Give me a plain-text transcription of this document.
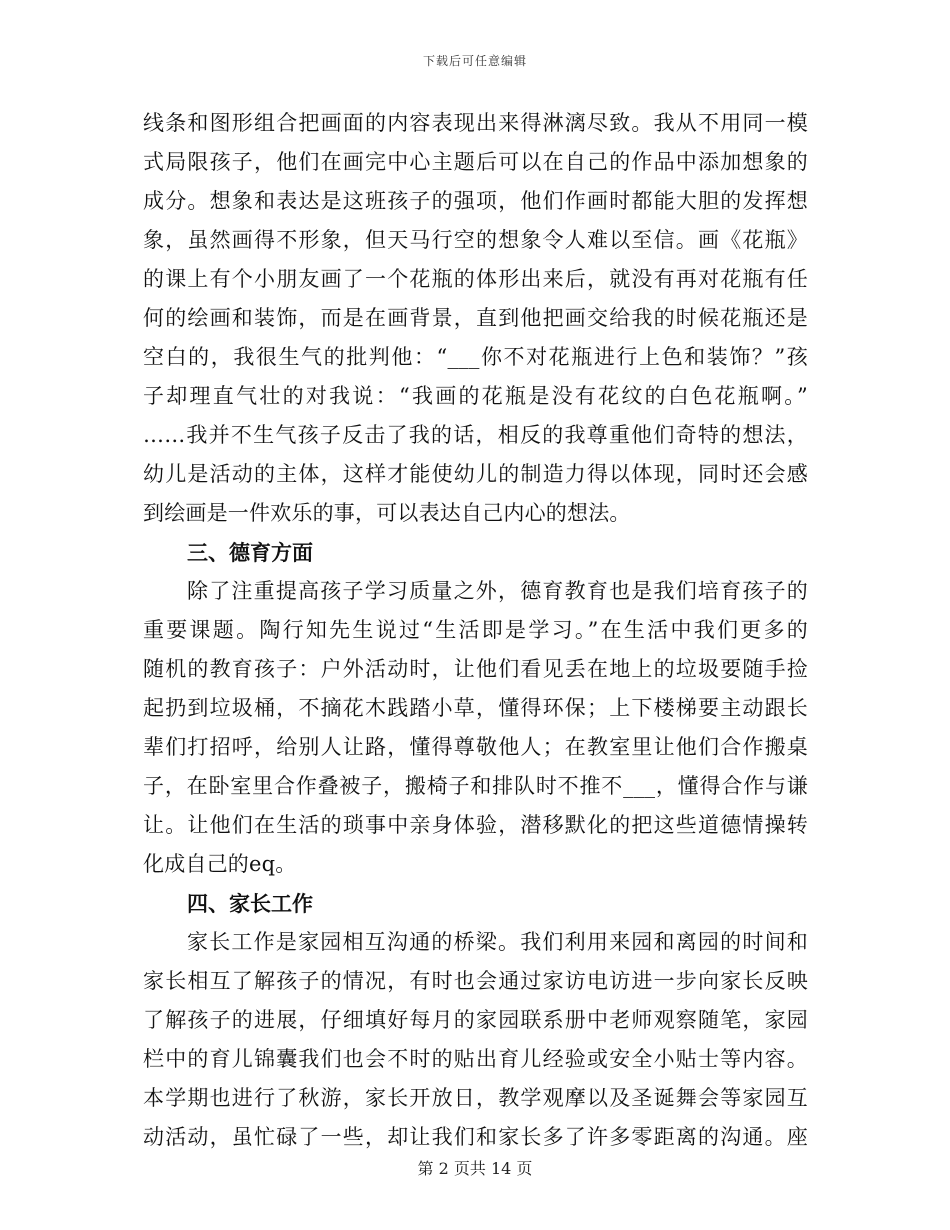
下载后可任意编辑
线条和图形组合把画面的内容表现出来得淋漓尽致。我从不用同一模
式局限孩子，他们在画完中心主题后可以在自己的作品中添加想象的
成分。想象和表达是这班孩子的强项，他们作画时都能大胆的发挥想
象，虽然画得不形象，但天马行空的想象令人难以至信。画《花瓶》
的课上有个小朋友画了一个花瓶的体形出来后，就没有再对花瓶有任
何的绘画和装饰，而是在画背景，直到他把画交给我的时候花瓶还是
空白的，我很生气的批判他：“___你不对花瓶进行上色和装饰？”孩
子却理直气壮的对我说：“我画的花瓶是没有花纹的白色花瓶啊。”
……我并不生气孩子反击了我的话，相反的我尊重他们奇特的想法，
幼儿是活动的主体，这样才能使幼儿的制造力得以体现，同时还会感
到绘画是一件欢乐的事，可以表达自己内心的想法。
三、德育方面
除了注重提高孩子学习质量之外，德育教育也是我们培育孩子的
重要课题。陶行知先生说过“生活即是学习。”在生活中我们更多的
随机的教育孩子：户外活动时，让他们看见丢在地上的垃圾要随手捡
起扔到垃圾桶，不摘花木践踏小草，懂得环保；上下楼梯要主动跟长
辈们打招呼，给别人让路，懂得尊敬他人；在教室里让他们合作搬桌
子，在卧室里合作叠被子，搬椅子和排队时不推不___，懂得合作与谦
让。让他们在生活的琐事中亲身体验，潜移默化的把这些道德情操转
化成自己的eq。
四、家长工作
家长工作是家园相互沟通的桥梁。我们利用来园和离园的时间和
家长相互了解孩子的情况，有时也会通过家访电访进一步向家长反映
了解孩子的进展，仔细填好每月的家园联系册中老师观察随笔，家园
栏中的育儿锦囊我们也会不时的贴出育儿经验或安全小贴士等内容。
本学期也进行了秋游，家长开放日，教学观摩以及圣诞舞会等家园互
动活动，虽忙碌了一些，却让我们和家长多了许多零距离的沟通。座
第 2 页共 14 页
